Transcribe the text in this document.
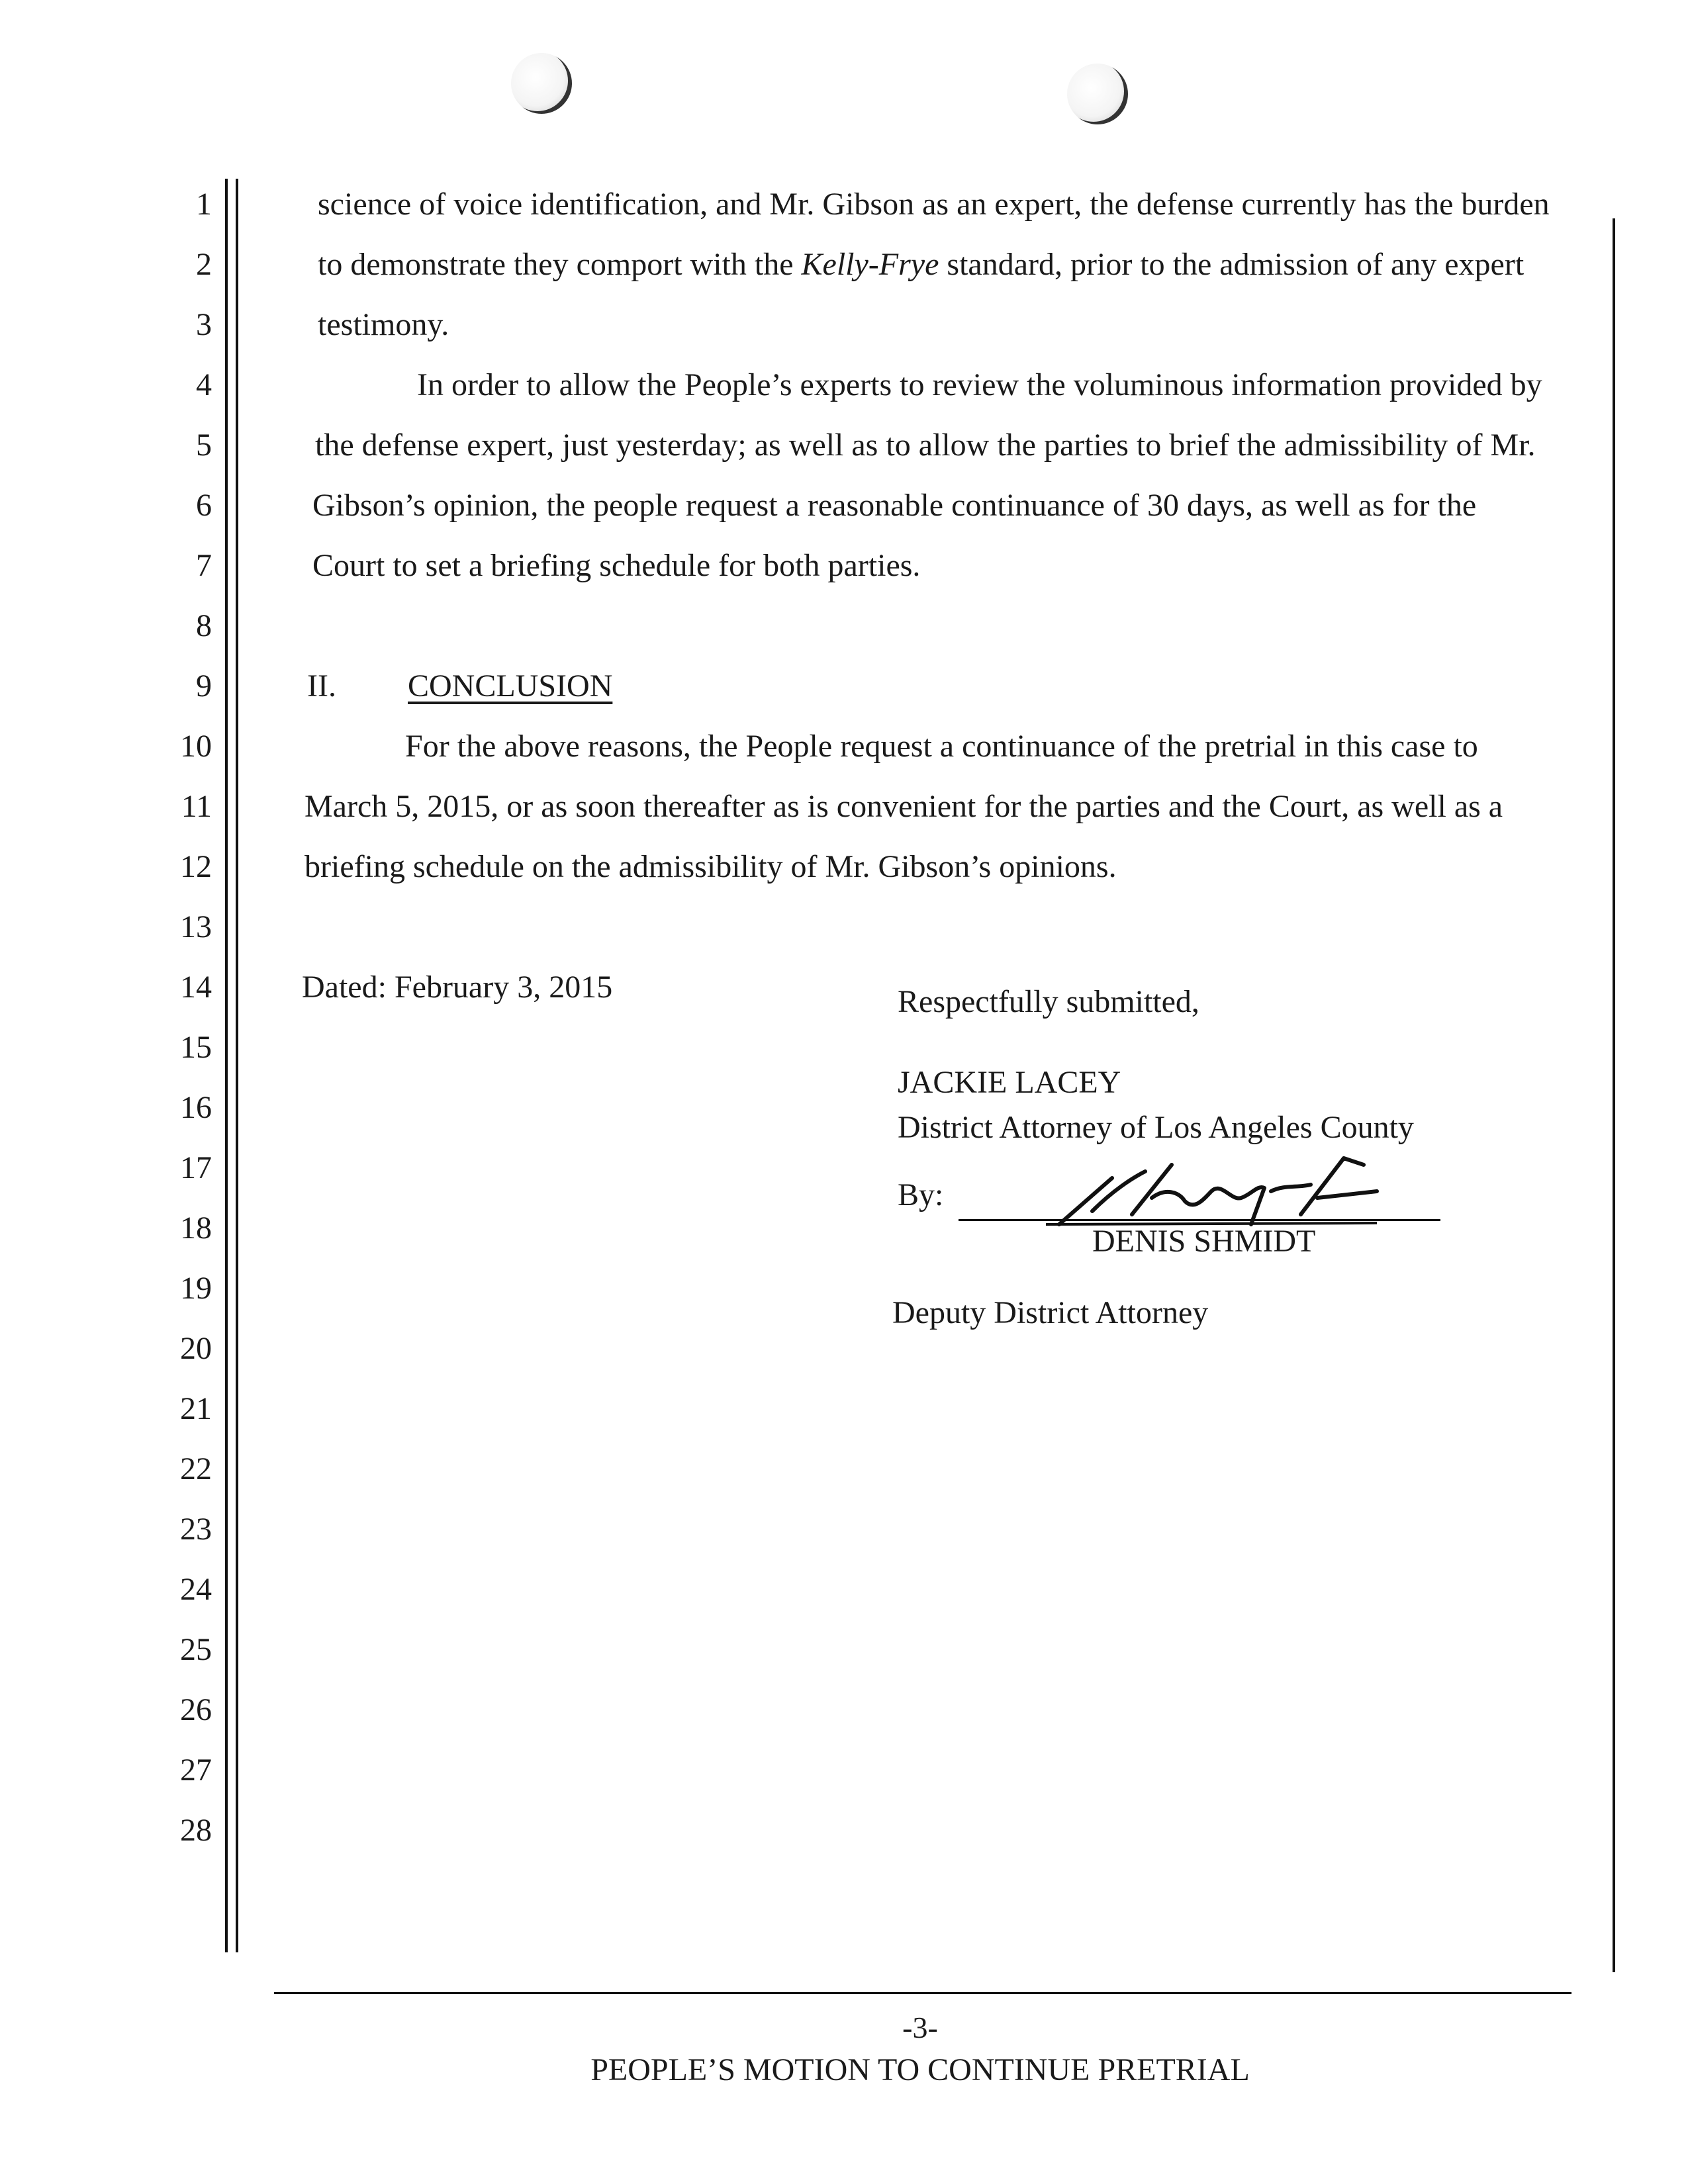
1
2
3
4
5
6
7
8
9
10
11
12
13
14
15
16
17
18
19
20
21
22
23
24
25
26
27
28
science of voice identification, and Mr. Gibson as an expert, the defense currently has the burden
to demonstrate they comport with the Kelly-Frye standard, prior to the admission of any expert
testimony.
In order to allow the People’s experts to review the voluminous information provided by
the defense expert, just yesterday; as well as to allow the parties to brief the admissibility of Mr.
Gibson’s opinion, the people request a reasonable continuance of 30 days, as well as for the
Court to set a briefing schedule for both parties.
II. CONCLUSION
For the above reasons, the People request a continuance of the pretrial in this case to
March 5, 2015, or as soon thereafter as is convenient for the parties and the Court, as well as a
briefing schedule on the admissibility of Mr. Gibson’s opinions.
Dated: February 3, 2015	Respectfully submitted,
JACKIE LACEY
District Attorney of Los Angeles County
By:
DENIS SHMIDT
Deputy District Attorney
-3-
PEOPLE’S MOTION TO CONTINUE PRETRIAL
